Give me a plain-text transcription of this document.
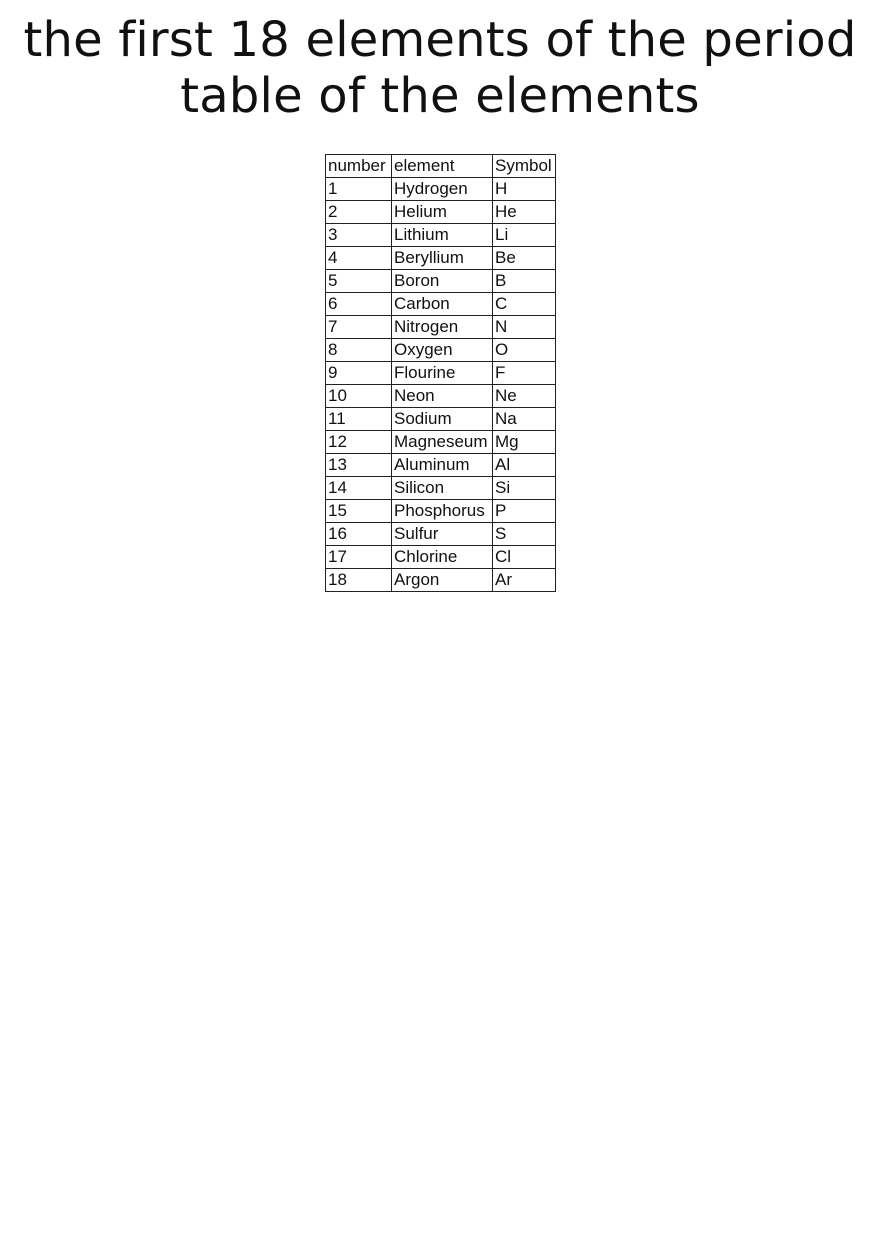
the first 18 elements of the period
table of the elements
number	element	Symbol
1	Hydrogen	H
2	Helium	He
3	Lithium	Li
4	Beryllium	Be
5	Boron	B
6	Carbon	C
7	Nitrogen	N
8	Oxygen	O
9	Flourine	F
10	Neon	Ne
11	Sodium	Na
12	Magneseum	Mg
13	Aluminum	Al
14	Silicon	Si
15	Phosphorus	P
16	Sulfur	S
17	Chlorine	Cl
18	Argon	Ar
